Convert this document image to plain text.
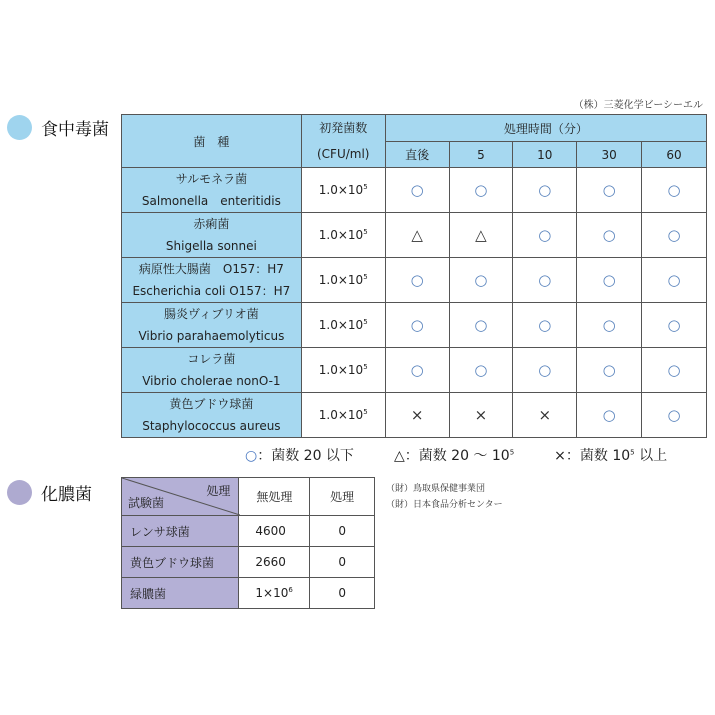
（株）三菱化学ビーシーエル
食中毒菌
菌　種	初発菌数
(CFU/ml)	処理時間（分）				
		直後	5	10	30	60
サルモネラ菌
Salmonella　enteritidis	$1.0\times 10^5$	○	○	○	○	○
赤痢菌
Shigella sonnei	$1.0\times 10^5$	△	△	○	○	○
病原性大腸菌　O157：H7
Escherichia coli O157：H7	$1.0\times 10^5$	○	○	○	○	○
腸炎ヴィブリオ菌
Vibrio parahaemolyticus	$1.0\times 10^5$	○	○	○	○	○
コレラ菌
Vibrio cholerae nonO-1	$1.0\times 10^5$	○	○	○	○	○
黄色ブドウ球菌
Staphylococcus aureus	$1.0\times 10^5$	×	×	×	○	○
○：菌数 20 以下	△：菌数 20 〜 $10^5$	×：菌数 $10^5$ 以上
化膿菌	処理
試験菌	無処理	処理
レンサ球菌	4600	0
黄色ブドウ球菌	2660	0
緑膿菌	$1\times 10^6$	0
（財）鳥取県保健事業団
（財）日本食品分析センター
